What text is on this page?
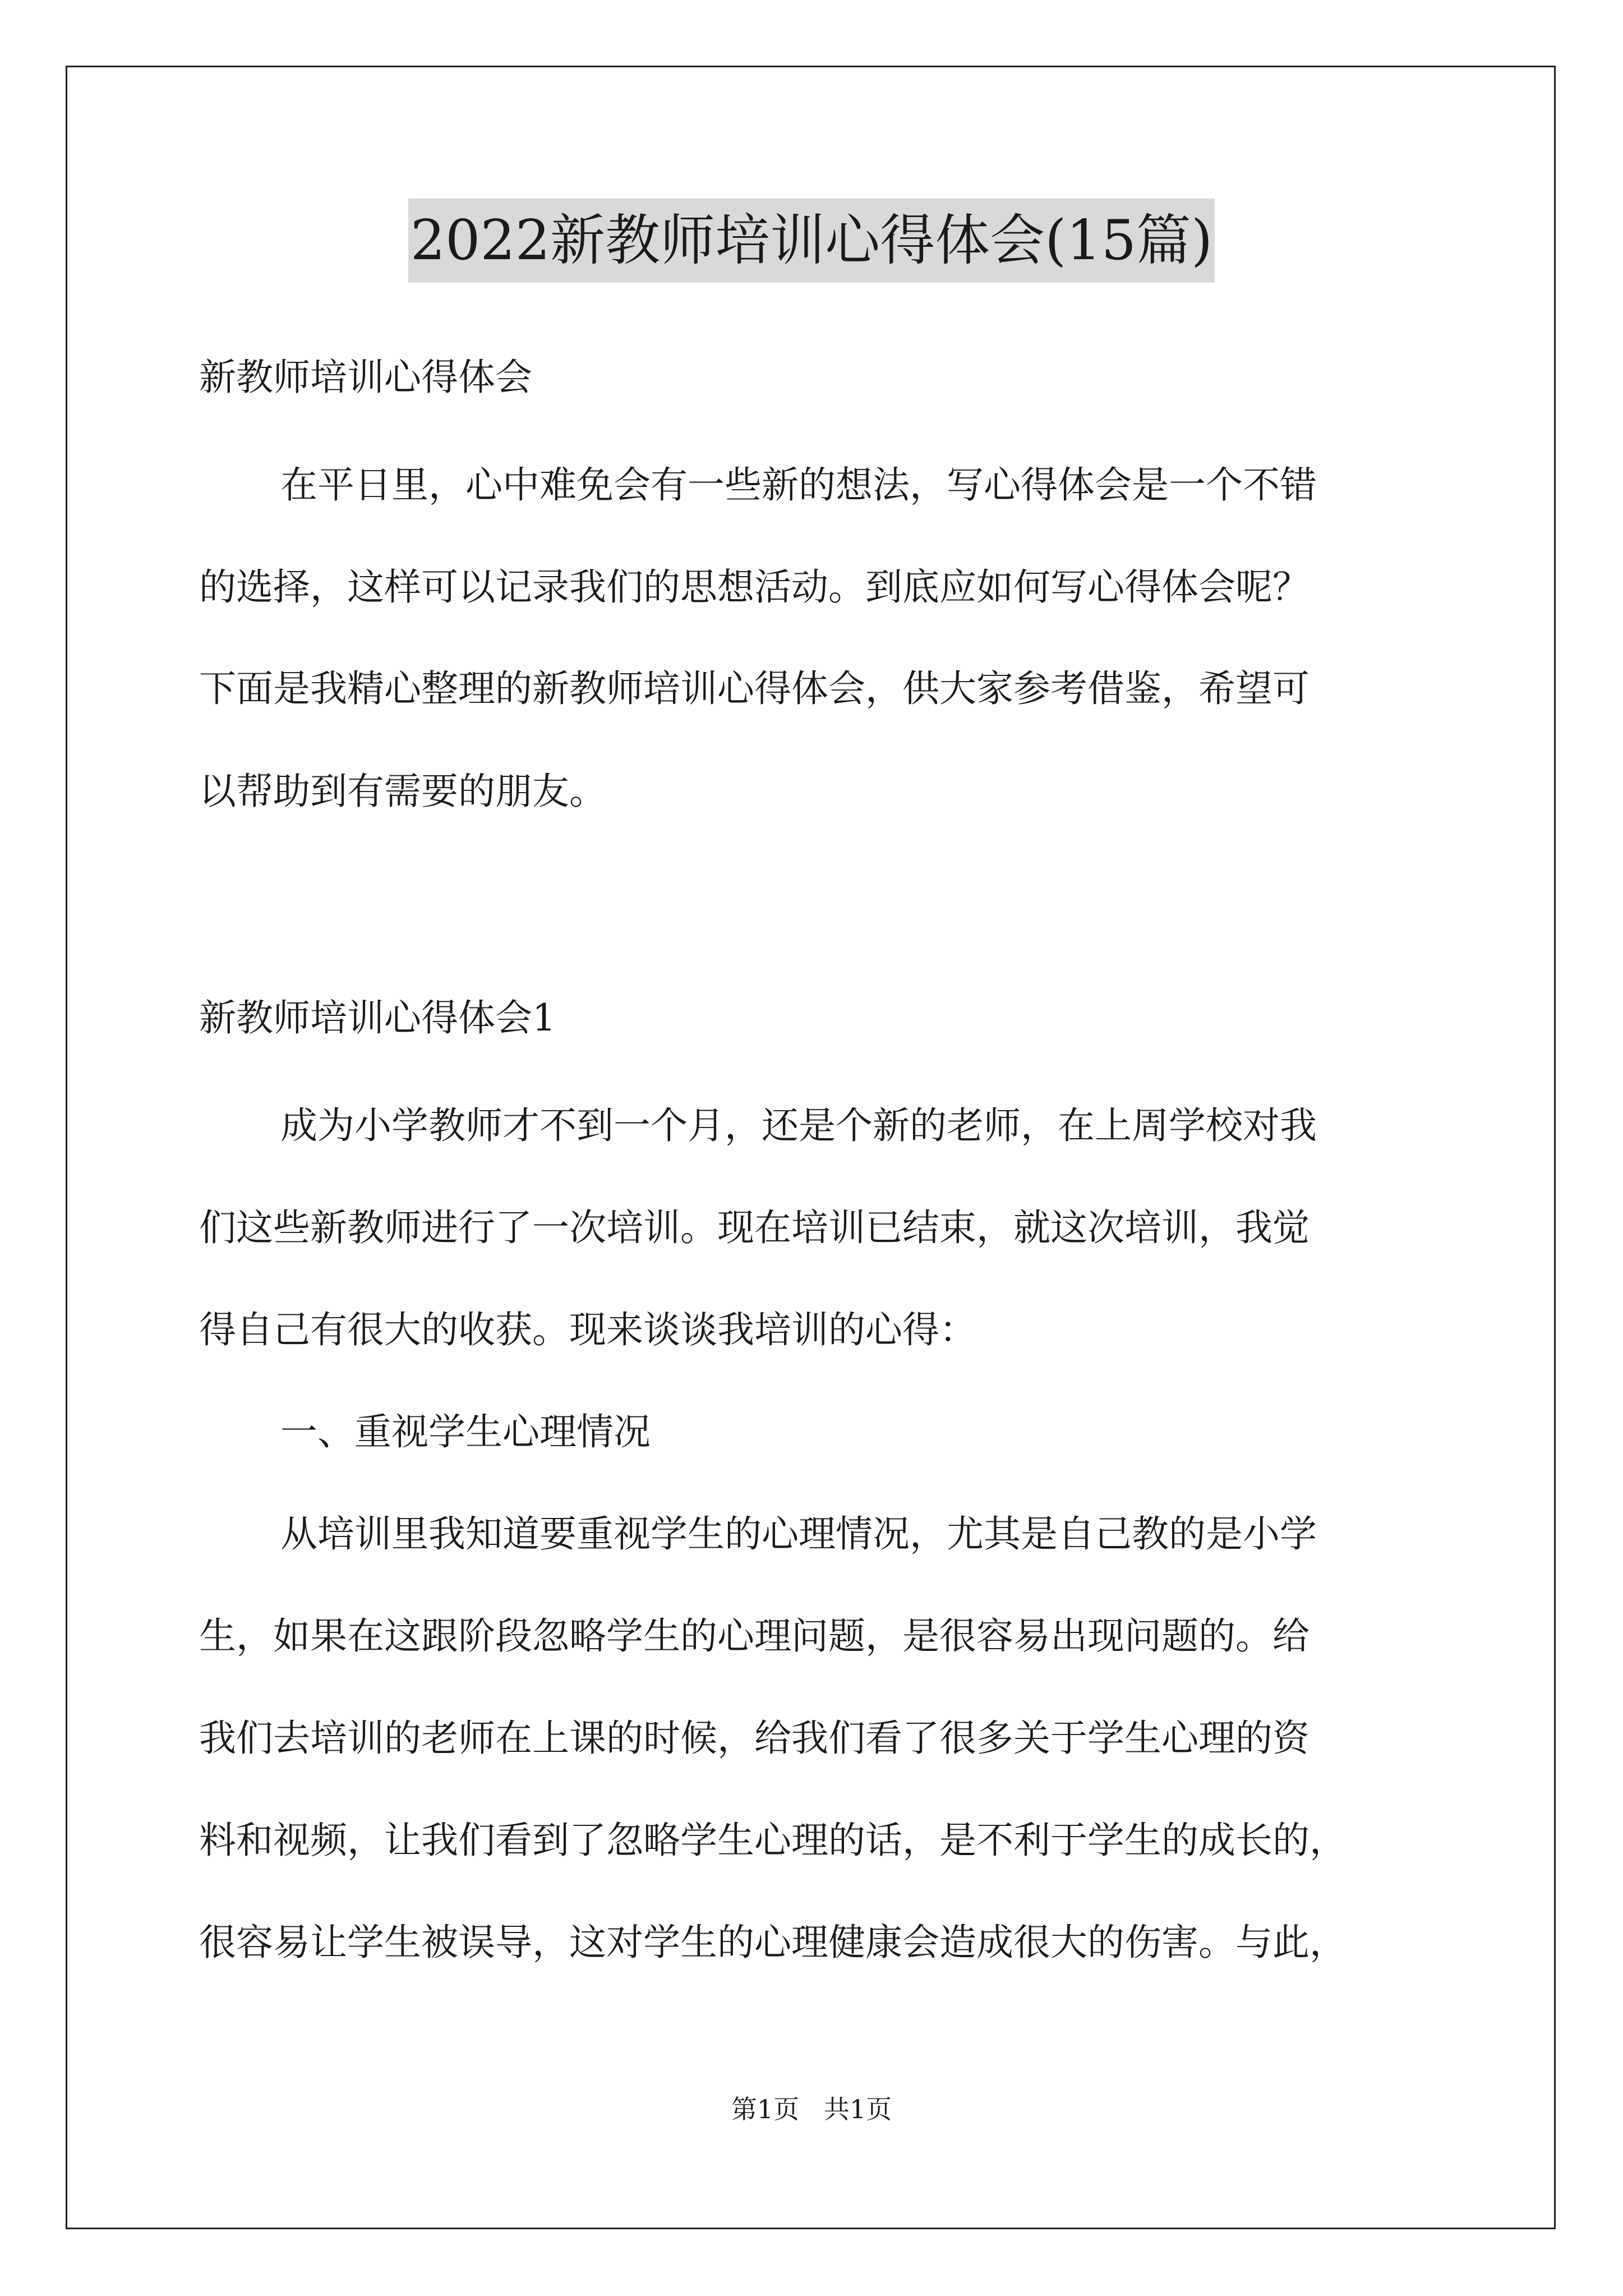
2022新教师培训心得体会(15篇)
新教师培训心得体会
在平日里，心中难免会有一些新的想法，写心得体会是一个不错
的选择，这样可以记录我们的思想活动。到底应如何写心得体会呢？
下面是我精心整理的新教师培训心得体会，供大家参考借鉴，希望可
以帮助到有需要的朋友。
新教师培训心得体会1
成为小学教师才不到一个月，还是个新的老师，在上周学校对我
们这些新教师进行了一次培训。现在培训已结束，就这次培训，我觉
得自己有很大的收获。现来谈谈我培训的心得：
一、重视学生心理情况
从培训里我知道要重视学生的心理情况，尤其是自己教的是小学
生，如果在这跟阶段忽略学生的心理问题，是很容易出现问题的。给
我们去培训的老师在上课的时候，给我们看了很多关于学生心理的资
料和视频，让我们看到了忽略学生心理的话，是不利于学生的成长的，
很容易让学生被误导，这对学生的心理健康会造成很大的伤害。与此，
第1页   共1页
